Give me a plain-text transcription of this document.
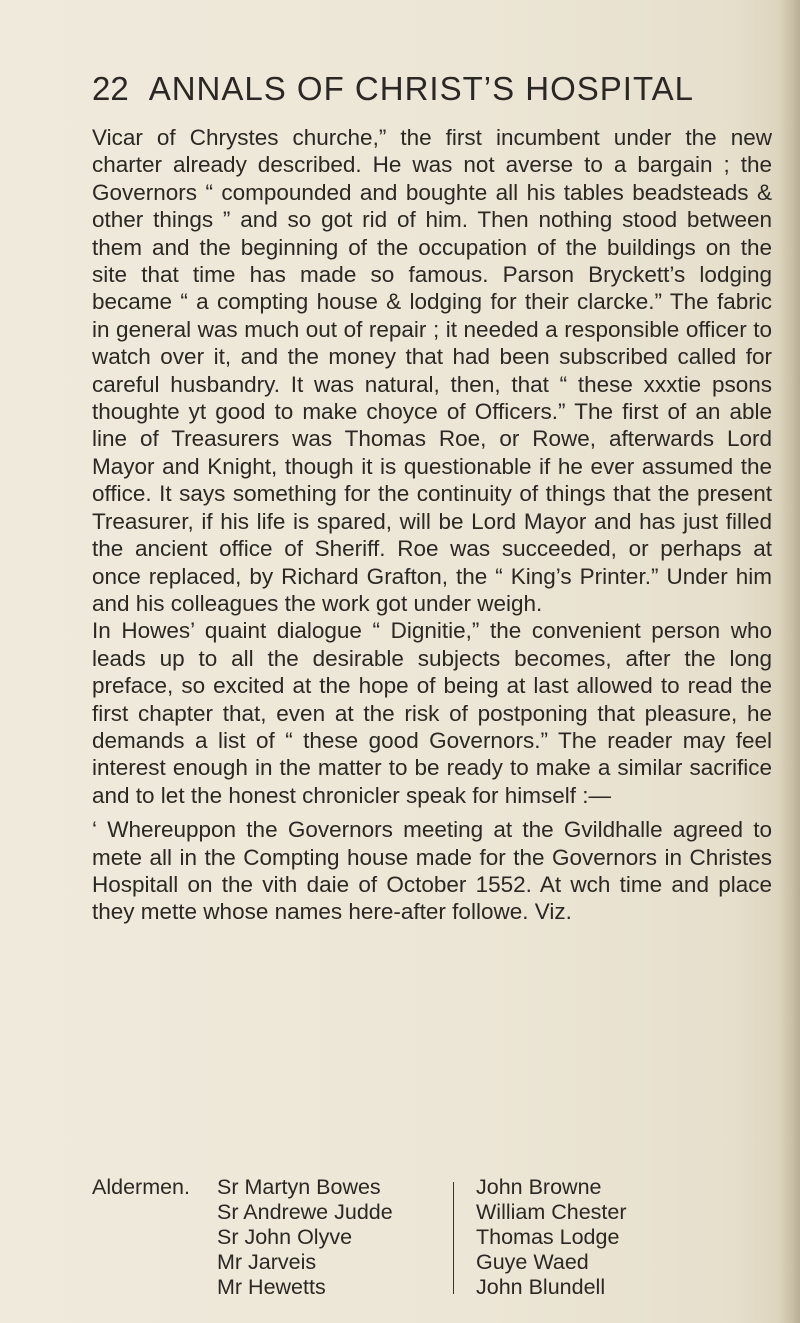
22 ANNALS OF CHRIST’S HOSPITAL

Vicar of Chrystes churche,” the first incumbent under the new charter already described. He was not averse to a bargain ; the Governors “ compounded and boughte all his tables beadsteads & other things ” and so got rid of him. Then nothing stood between them and the beginning of the occupation of the buildings on the site that time has made so famous. Parson Bryckett’s lodging became “ a compting house & lodging for their clarcke.” The fabric in general was much out of repair ; it needed a responsible officer to watch over it, and the money that had been subscribed called for careful husbandry. It was natural, then, that “ these xxxtie psons thoughte yt good to make choyce of Officers.” The first of an able line of Treasurers was Thomas Roe, or Rowe, afterwards Lord Mayor and Knight, though it is questionable if he ever assumed the office. It says something for the continuity of things that the present Treasurer, if his life is spared, will be Lord Mayor and has just filled the ancient office of Sheriff. Roe was succeeded, or perhaps at once replaced, by Richard Grafton, the “ King’s Printer.” Under him and his colleagues the work got under weigh.

In Howes’ quaint dialogue “ Dignitie,” the convenient person who leads up to all the desirable subjects becomes, after the long preface, so excited at the hope of being at last allowed to read the first chapter that, even at the risk of postponing that pleasure, he demands a list of “ these good Governors.” The reader may feel interest enough in the matter to be ready to make a similar sacrifice and to let the honest chronicler speak for himself :—

‘ Whereuppon the Governors meeting at the Gvildhalle agreed to mete all in the Compting house made for the Governors in Christes Hospitall on the vith daie of October 1552. At wch time and place they mette whose names here-after followe. Viz.

Aldermen. Sr Martyn Bowes
Sr Andrewe Judde
Sr John Olyve
Mr Jarveis
Mr Hewetts
John Browne
William Chester
Thomas Lodge
Guye Waed
John Blundell
